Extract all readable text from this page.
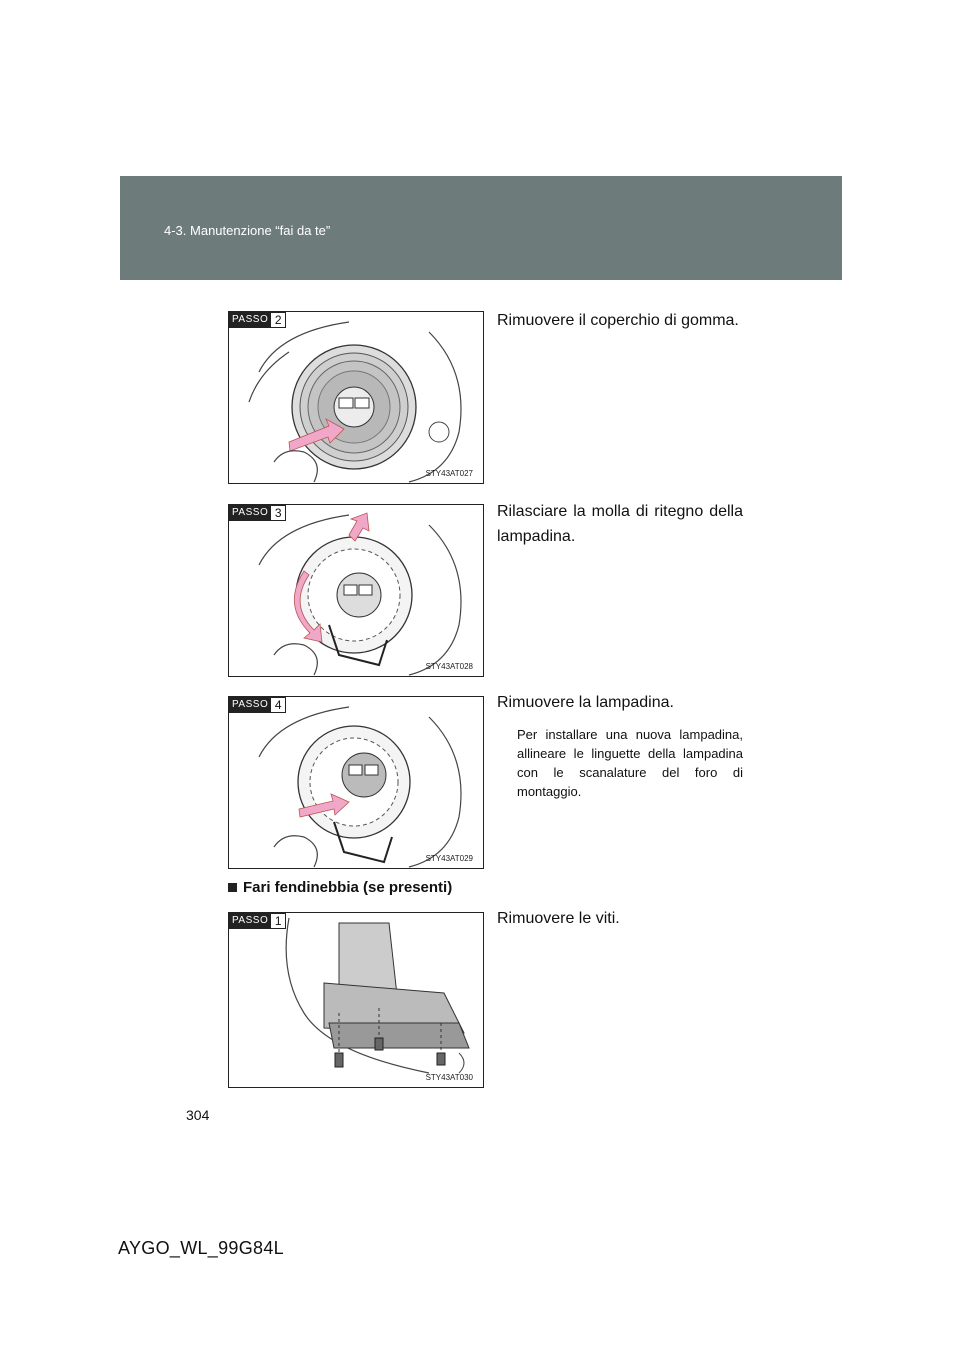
4-3. Manutenzione “fai da te”
PASSO 2
STY43AT027
Rimuovere il coperchio di gomma.
PASSO 3
STY43AT028
Rilasciare la molla di ritegno della lampadina.
PASSO 4
STY43AT029
Rimuovere la lampadina.
Per installare una nuova lampadina, allineare le linguette della lampadina con le scanalature del foro di montaggio.
Fari fendinebbia (se presenti)
PASSO 1
STY43AT030
Rimuovere le viti.
304
AYGO_WL_99G84L
